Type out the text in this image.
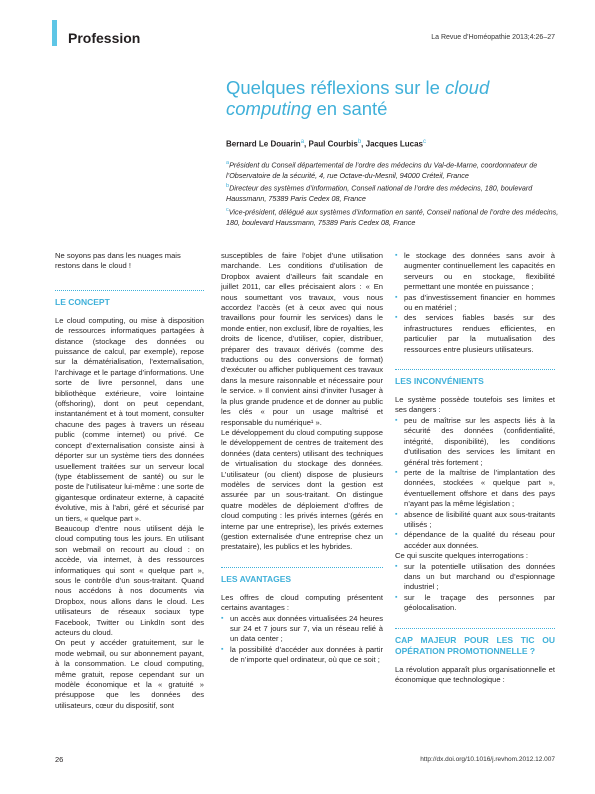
Profession	La Revue d’Homéopathie 2013;4:26–27
Quelques réflexions sur le cloud computing en santé
Bernard Le Douarin$^a$, Paul Courbis$^b$, Jacques Lucas$^c$

$^a$Président du Conseil départemental de l’ordre des médecins du Val-de-Marne, coordonnateur de l’Observatoire de la sécurité, 4, rue Octave-du-Mesnil, 94000 Créteil, France

$^b$Directeur des systèmes d’information, Conseil national de l’ordre des médecins, 180, boulevard Haussmann, 75389 Paris Cedex 08, France

$^c$Vice-président, délégué aux systèmes d’information en santé, Conseil national de l’ordre des médecins, 180, boulevard Haussmann, 75389 Paris Cedex 08, France

Ne soyons pas dans les nuages mais restons dans le cloud !

LE CONCEPT

Le cloud computing, ou mise à disposition de ressources informatiques partagées à distance (stockage des données ou puissance de calcul, par exemple), repose sur la dématérialisation, l’externalisation, l’archivage et le partage d’informations. Une sorte de livre personnel, dans une bibliothèque extérieure, voire lointaine (offshoring), dont on peut cependant, instantanément et à tout moment, consulter chacune des pages à travers un réseau public (comme internet) ou privé. Ce concept d’externalisation consiste ainsi à déporter sur un système tiers des données usuellement traitées sur un serveur local (type établissement de santé) ou sur le poste de l’utilisateur lui-même : une sorte de gigantesque ordinateur externe, à capacité évolutive, mis à l’abri, géré et sécurisé par un tiers, « quelque part ».

Beaucoup d’entre nous utilisent déjà le cloud computing tous les jours. En utilisant son webmail on recourt au cloud : on accède, via internet, à des ressources informatiques qui sont « quelque part », sous le contrôle d’un sous-traitant. Quand nous accédons à nos documents via Dropbox, nous allons dans le cloud. Les utilisateurs de réseaux sociaux type Facebook, Twitter ou LinkdIn sont des acteurs du cloud.

On peut y accéder gratuitement, sur le mode webmail, ou sur abonnement payant, à la consommation. Le cloud computing, même gratuit, repose cependant sur un modèle économique et la « gratuité » présuppose que les données des utilisateurs, cœur du dispositif, sont

susceptibles de faire l’objet d’une utilisation marchande. Les conditions d’utilisation de Dropbox avaient d’ailleurs fait scandale en juillet 2011, car elles précisaient alors : « En nous soumettant vos travaux, vous nous accordez l’accès (et à ceux avec qui nous travaillons pour fournir les services) dans le monde entier, non exclusif, libre de royalties, les droits de licence, d’utiliser, copier, distribuer, préparer des travaux dérivés (comme des traductions ou des conversions de format) d’exécuter ou afficher publiquement ces travaux dans la mesure raisonnable et nécessaire pour le service. » Il convient ainsi d’inviter l’usager à la plus grande prudence et de donner au public les clés « pour un usage maîtrisé et responsable du numérique¹ ».

Le développement du cloud computing suppose le développement de centres de traitement des données (data centers) utilisant des techniques de virtualisation du stockage des données. L’utilisateur (ou client) dispose de plusieurs modèles de services dont la gestion est assurée par un sous-traitant. On distingue quatre modèles de déploiement d’offres de cloud computing : les privés internes (gérés en interne par une entreprise), les privés externes (gestion externalisée d’une entreprise chez un prestataire), les publics et les hybrides.

LES AVANTAGES

Les offres de cloud computing présentent certains avantages :

▪ un accès aux données virtualisées 24 heures sur 24 et 7 jours sur 7, via un réseau relié à un data center ;
▪ la possibilité d’accéder aux données à partir de n’importe quel ordinateur, où que ce soit ;
▪ le stockage des données sans avoir à augmenter continuellement les capacités en serveurs ou en stockage, flexibilité permettant une montée en puissance ;
▪ pas d’investissement financier en hommes ou en matériel ;
▪ des services fiables basés sur des infrastructures rendues efficientes, en particulier par la mutualisation des ressources entre plusieurs utilisateurs.
LES INCONVÉNIENTS

Le système possède toutefois ses limites et ses dangers :

▪ peu de maîtrise sur les aspects liés à la sécurité des données (confidentialité, intégrité, disponibilité), les conditions d’utilisation des services les limitant en général très fortement ;
▪ perte de la maîtrise de l’implantation des données, stockées « quelque part », éventuellement offshore et dans des pays n’ayant pas la même législation ;
▪ absence de lisibilité quant aux sous-traitants utilisés ;
▪ dépendance de la qualité du réseau pour accéder aux données.

Ce qui suscite quelques interrogations :

▪ sur la potentielle utilisation des données dans un but marchand ou d’espionnage industriel ;
▪ sur le traçage des personnes par géolocalisation.
CAP MAJEUR POUR LES TIC OU OPÉRATION PROMOTIONNELLE ?

La révolution apparaît plus organisationnelle et économique que technologique :

26	http://dx.doi.org/10.1016/j.revhom.2012.12.007
